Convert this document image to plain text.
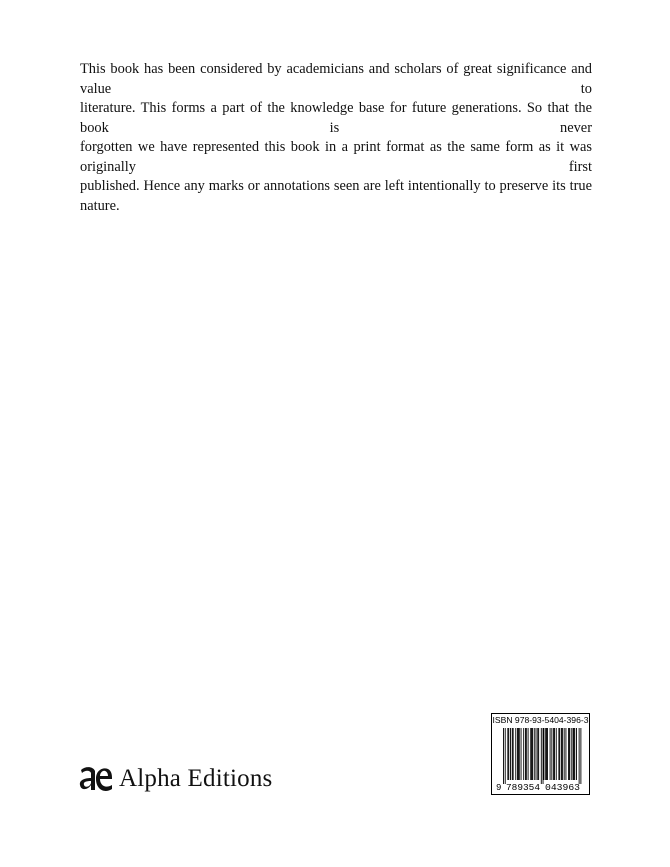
This book has been considered by academicians and scholars of great significance and value to
literature. This forms a part of the knowledge base for future generations. So that the book is never
forgotten we have represented this book in a print format as the same form as it was originally first
published. Hence any marks or annotations seen are left intentionally to preserve its true nature.
Alpha Editions
ISBN 978-93-5404-396-3
9 789354 043963
